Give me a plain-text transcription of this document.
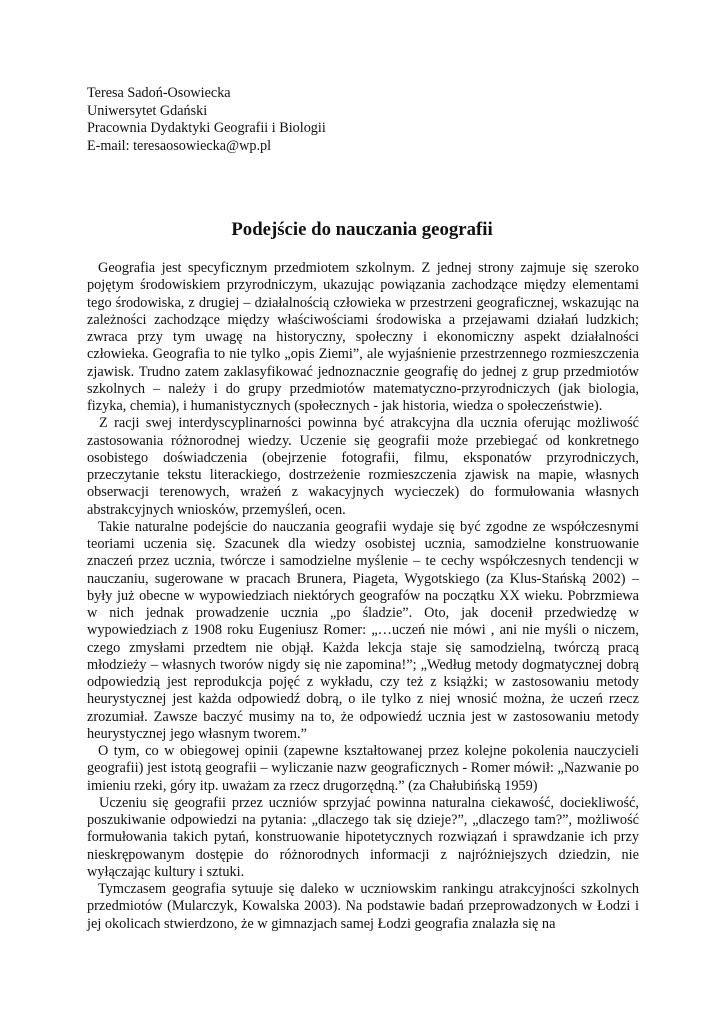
Teresa Sadoń-Osowiecka
Uniwersytet Gdański
Pracownia Dydaktyki Geografii i Biologii
E-mail: teresaosowiecka@wp.pl
Podejście do nauczania geografii

Geografia jest specyficznym przedmiotem szkolnym. Z jednej strony zajmuje się szeroko pojętym środowiskiem przyrodniczym, ukazując powiązania zachodzące między elementami tego środowiska, z drugiej – działalnością człowieka w przestrzeni geograficznej, wskazując na zależności zachodzące między właściwościami środowiska a przejawami działań ludzkich; zwraca przy tym uwagę na historyczny, społeczny i ekonomiczny aspekt działalności człowieka. Geografia to nie tylko „opis Ziemi”, ale wyjaśnienie przestrzennego rozmieszczenia zjawisk. Trudno zatem zaklasyfikować jednoznacznie geografię do jednej z grup przedmiotów szkolnych – należy i do grupy przedmiotów matematyczno-przyrodniczych (jak biologia, fizyka, chemia), i humanistycznych (społecznych - jak historia, wiedza o społeczeństwie).

Z racji swej interdyscyplinarności powinna być atrakcyjna dla ucznia oferując możliwość zastosowania różnorodnej wiedzy. Uczenie się geografii może przebiegać od konkretnego osobistego doświadczenia (obejrzenie fotografii, filmu, eksponatów przyrodniczych, przeczytanie tekstu literackiego, dostrzeżenie rozmieszczenia zjawisk na mapie, własnych obserwacji terenowych, wrażeń z wakacyjnych wycieczek) do formułowania własnych abstrakcyjnych wniosków, przemyśleń, ocen.

Takie naturalne podejście do nauczania geografii wydaje się być zgodne ze współczesnymi teoriami uczenia się. Szacunek dla wiedzy osobistej ucznia, samodzielne konstruowanie znaczeń przez ucznia, twórcze i samodzielne myślenie – te cechy współczesnych tendencji w nauczaniu, sugerowane w pracach Brunera, Piageta, Wygotskiego (za Klus-Stańską 2002) – były już obecne w wypowiedziach niektórych geografów na początku XX wieku. Pobrzmiewa w nich jednak prowadzenie ucznia „po śladzie”. Oto, jak docenił przedwiedzę w wypowiedziach z 1908 roku Eugeniusz Romer: „…uczeń nie mówi , ani nie myśli o niczem, czego zmysłami przedtem nie objął. Każda lekcja staje się samodzielną, twórczą pracą młodzieży – własnych tworów nigdy się nie zapomina!”; „Według metody dogmatycznej dobrą odpowiedzią jest reprodukcja pojęć z wykładu, czy też z książki; w zastosowaniu metody heurystycznej jest każda odpowiedź dobrą, o ile tylko z niej wnosić można, że uczeń rzecz zrozumiał. Zawsze baczyć musimy na to, że odpowiedź ucznia jest w zastosowaniu metody heurystycznej jego własnym tworem.”

O tym, co w obiegowej opinii (zapewne kształtowanej przez kolejne pokolenia nauczycieli geografii) jest istotą geografii – wyliczanie nazw geograficznych - Romer mówił: „Nazwanie po imieniu rzeki, góry itp. uważam za rzecz drugorzędną.” (za Chałubińską 1959)

Uczeniu się geografii przez uczniów sprzyjać powinna naturalna ciekawość, dociekliwość, poszukiwanie odpowiedzi na pytania: „dlaczego tak się dzieje?”, „dlaczego tam?”, możliwość formułowania takich pytań, konstruowanie hipotetycznych rozwiązań i sprawdzanie ich przy nieskrępowanym dostępie do różnorodnych informacji z najróżniejszych dziedzin, nie wyłączając kultury i sztuki.

Tymczasem geografia sytuuje się daleko w uczniowskim rankingu atrakcyjności szkolnych przedmiotów (Mularczyk, Kowalska 2003). Na podstawie badań przeprowadzonych w Łodzi i jej okolicach stwierdzono, że w gimnazjach samej Łodzi geografia znalazła się na
